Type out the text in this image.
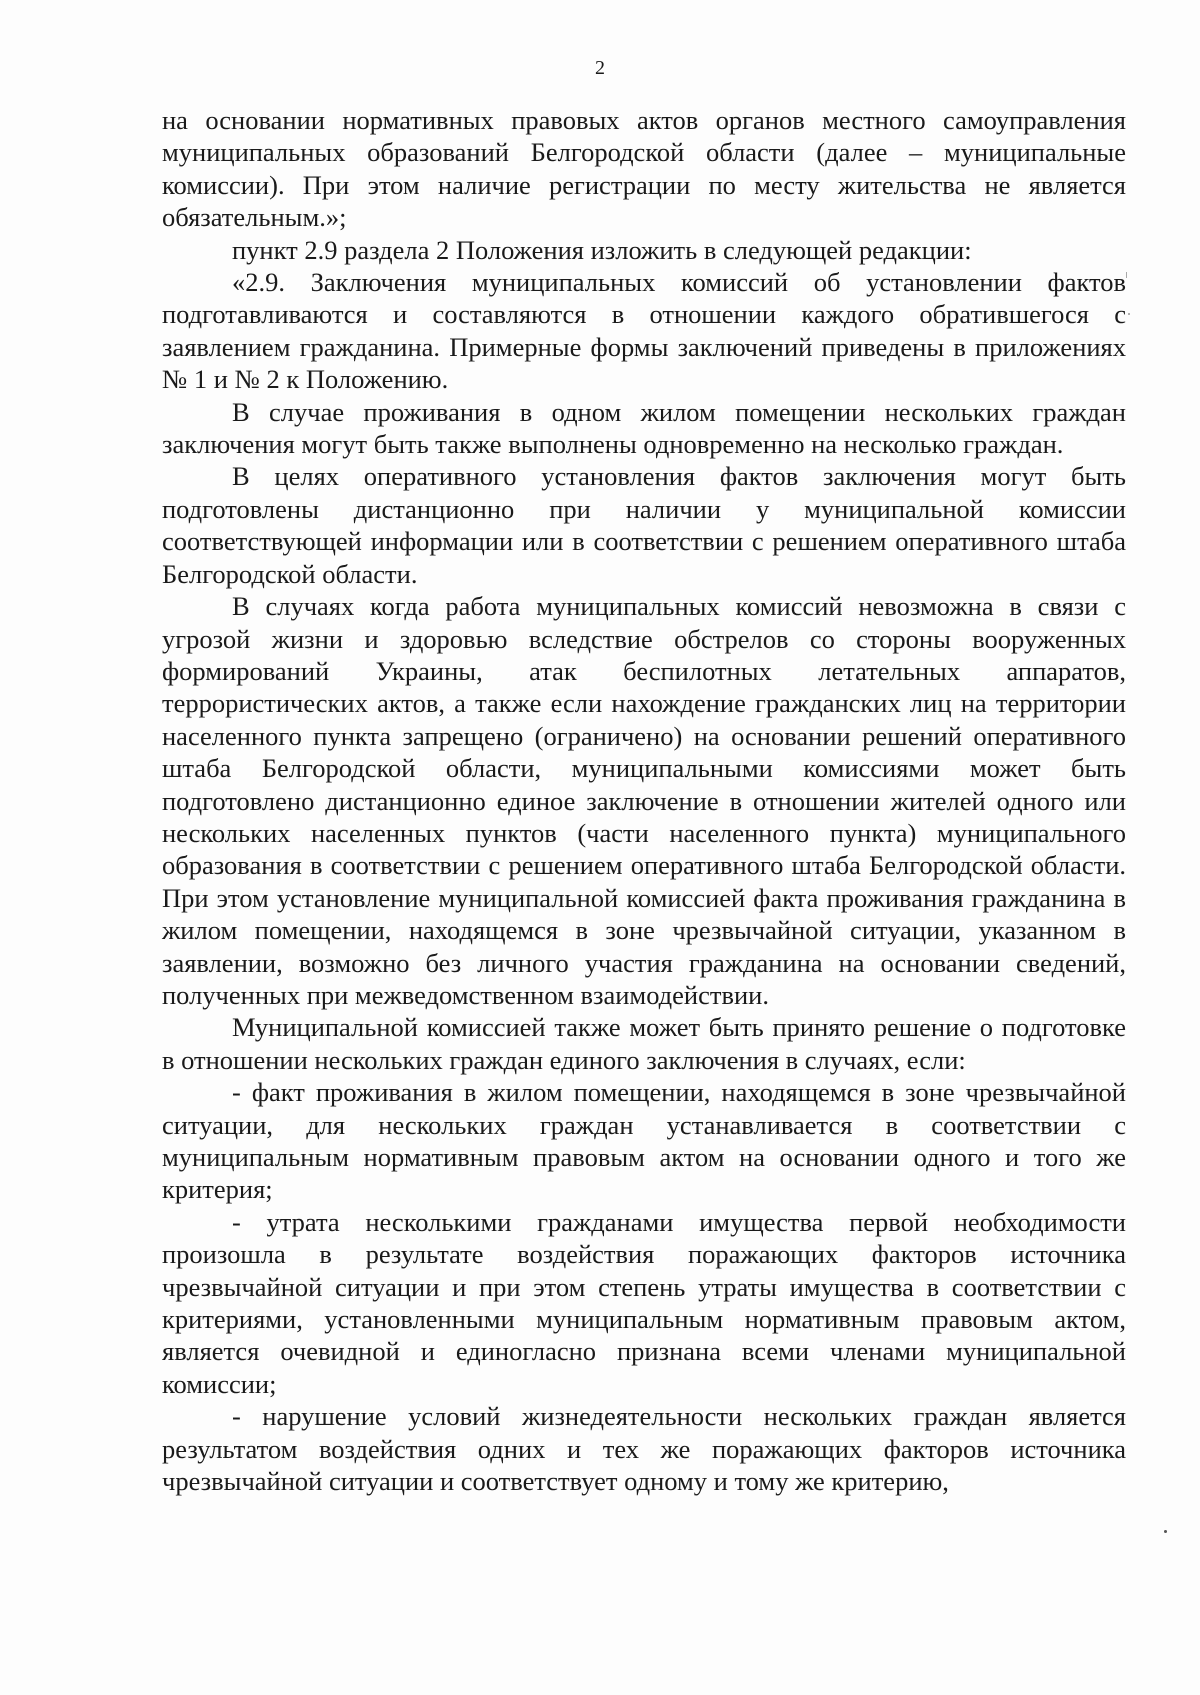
2

на основании нормативных правовых актов органов местного самоуправления муниципальных образований Белгородской области (далее – муниципальные комиссии). При этом наличие регистрации по месту жительства не является обязательным.»;

пункт 2.9 раздела 2 Положения изложить в следующей редакции:

«2.9. Заключения муниципальных комиссий об установлении фактов подготавливаются и составляются в отношении каждого обратившегося с заявлением гражданина. Примерные формы заключений приведены в приложениях № 1 и № 2 к Положению.

В случае проживания в одном жилом помещении нескольких граждан заключения могут быть также выполнены одновременно на несколько граждан.

В целях оперативного установления фактов заключения могут быть подготовлены дистанционно при наличии у муниципальной комиссии соответствующей информации или в соответствии с решением оперативного штаба Белгородской области.

В случаях когда работа муниципальных комиссий невозможна в связи с угрозой жизни и здоровью вследствие обстрелов со стороны вооруженных формирований Украины, атак беспилотных летательных аппаратов, террористических актов, а также если нахождение гражданских лиц на территории населенного пункта запрещено (ограничено) на основании решений оперативного штаба Белгородской области, муниципальными комиссиями может быть подготовлено дистанционно единое заключение в отношении жителей одного или нескольких населенных пунктов (части населенного пункта) муниципального образования в соответствии с решением оперативного штаба Белгородской области. При этом установление муниципальной комиссией факта проживания гражданина в жилом помещении, находящемся в зоне чрезвычайной ситуации, указанном в заявлении, возможно без личного участия гражданина на основании сведений, полученных при межведомственном взаимодействии.

Муниципальной комиссией также может быть принято решение о подготовке в отношении нескольких граждан единого заключения в случаях, если:

- факт проживания в жилом помещении, находящемся в зоне чрезвычайной ситуации, для нескольких граждан устанавливается в соответствии с муниципальным нормативным правовым актом на основании одного и того же критерия;

- утрата несколькими гражданами имущества первой необходимости произошла в результате воздействия поражающих факторов источника чрезвычайной ситуации и при этом степень утраты имущества в соответствии с критериями, установленными муниципальным нормативным правовым актом, является очевидной и единогласно признана всеми членами муниципальной комиссии;

- нарушение условий жизнедеятельности нескольких граждан является результатом воздействия одних и тех же поражающих факторов источника чрезвычайной ситуации и соответствует одному и тому же критерию,
